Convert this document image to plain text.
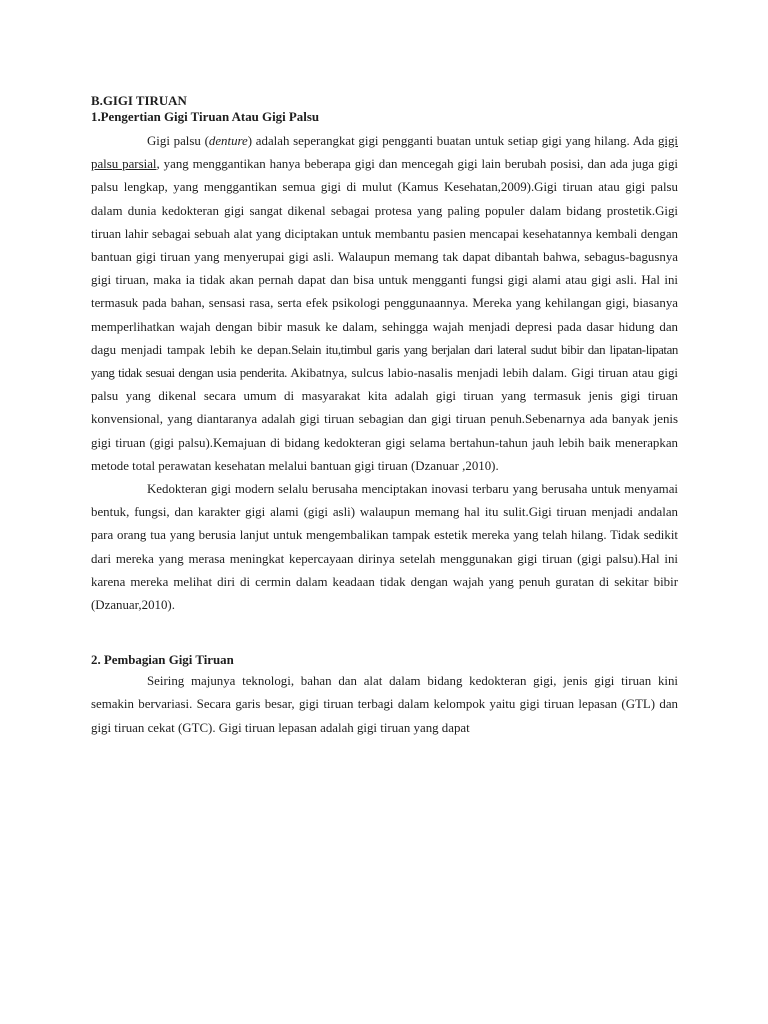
B.GIGI TIRUAN
1.Pengertian Gigi Tiruan Atau Gigi Palsu

Gigi palsu (denture) adalah seperangkat gigi pengganti buatan untuk setiap gigi yang hilang. Ada gigi palsu parsial, yang menggantikan hanya beberapa gigi dan mencegah gigi lain berubah posisi, dan ada juga gigi palsu lengkap, yang menggantikan semua gigi di mulut (Kamus Kesehatan,2009).Gigi tiruan atau gigi palsu dalam dunia kedokteran gigi sangat dikenal sebagai protesa yang paling populer dalam bidang prostetik.Gigi tiruan lahir sebagai sebuah alat yang diciptakan untuk membantu pasien mencapai kesehatannya kembali dengan bantuan gigi tiruan yang menyerupai gigi asli. Walaupun memang tak dapat dibantah bahwa, sebagus-bagusnya gigi tiruan, maka ia tidak akan pernah dapat dan bisa untuk mengganti fungsi gigi alami atau gigi asli. Hal ini termasuk pada bahan, sensasi rasa, serta efek psikologi penggunaannya. Mereka yang kehilangan gigi, biasanya memperlihatkan wajah dengan bibir masuk ke dalam, sehingga wajah menjadi depresi pada dasar hidung dan dagu menjadi tampak lebih ke depan.Selain itu,timbul garis yang berjalan dari lateral sudut bibir dan lipatan-lipatan yang tidak sesuai dengan usia penderita. Akibatnya, sulcus labio-nasalis menjadi lebih dalam. Gigi tiruan atau gigi palsu yang dikenal secara umum di masyarakat kita adalah gigi tiruan yang termasuk jenis gigi tiruan konvensional, yang diantaranya adalah gigi tiruan sebagian dan gigi tiruan penuh.Sebenarnya ada banyak jenis gigi tiruan (gigi palsu).Kemajuan di bidang kedokteran gigi selama bertahun-tahun jauh lebih baik menerapkan metode total perawatan kesehatan melalui bantuan gigi tiruan (Dzanuar ,2010).

Kedokteran gigi modern selalu berusaha menciptakan inovasi terbaru yang berusaha untuk menyamai bentuk, fungsi, dan karakter gigi alami (gigi asli) walaupun memang hal itu sulit.Gigi tiruan menjadi andalan para orang tua yang berusia lanjut untuk mengembalikan tampak estetik mereka yang telah hilang. Tidak sedikit dari mereka yang merasa meningkat kepercayaan dirinya setelah menggunakan gigi tiruan (gigi palsu).Hal ini karena mereka melihat diri di cermin dalam keadaan tidak dengan wajah yang penuh guratan di sekitar bibir (Dzanuar,2010).

2. Pembagian Gigi Tiruan

Seiring majunya teknologi, bahan dan alat dalam bidang kedokteran gigi, jenis gigi tiruan kini semakin bervariasi. Secara garis besar, gigi tiruan terbagi dalam kelompok yaitu gigi tiruan lepasan (GTL) dan gigi tiruan cekat (GTC). Gigi tiruan lepasan adalah gigi tiruan yang dapat
